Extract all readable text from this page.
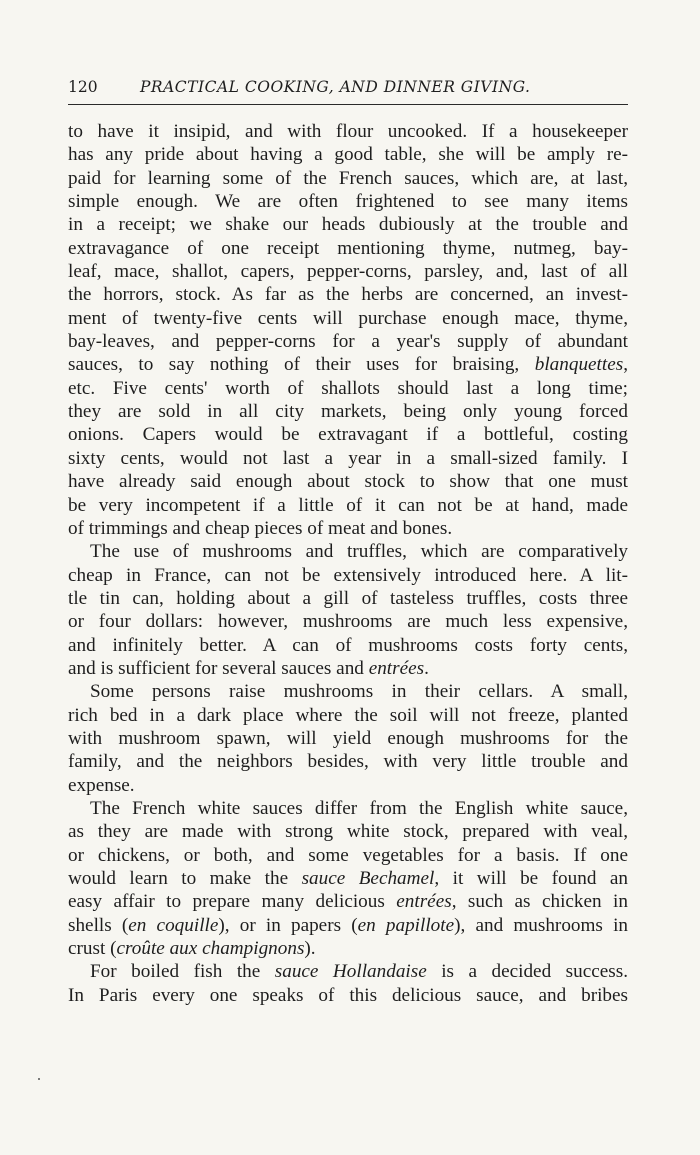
120	PRACTICAL COOKING, AND DINNER GIVING.
to have it insipid, and with flour uncooked. If a housekeeper
has any pride about having a good table, she will be amply re-
paid for learning some of the French sauces, which are, at last,
simple enough. We are often frightened to see many items
in a receipt; we shake our heads dubiously at the trouble and
extravagance of one receipt mentioning thyme, nutmeg, bay-
leaf, mace, shallot, capers, pepper-corns, parsley, and, last of all
the horrors, stock. As far as the herbs are concerned, an invest-
ment of twenty-five cents will purchase enough mace, thyme,
bay-leaves, and pepper-corns for a year's supply of abundant
sauces, to say nothing of their uses for braising, blanquettes,
etc. Five cents' worth of shallots should last a long time;
they are sold in all city markets, being only young forced
onions. Capers would be extravagant if a bottleful, costing
sixty cents, would not last a year in a small-sized family. I
have already said enough about stock to show that one must
be very incompetent if a little of it can not be at hand, made
of trimmings and cheap pieces of meat and bones.
The use of mushrooms and truffles, which are comparatively
cheap in France, can not be extensively introduced here. A lit-
tle tin can, holding about a gill of tasteless truffles, costs three
or four dollars: however, mushrooms are much less expensive,
and infinitely better. A can of mushrooms costs forty cents,
and is sufficient for several sauces and entrées.
Some persons raise mushrooms in their cellars. A small,
rich bed in a dark place where the soil will not freeze, planted
with mushroom spawn, will yield enough mushrooms for the
family, and the neighbors besides, with very little trouble and
expense.
The French white sauces differ from the English white sauce,
as they are made with strong white stock, prepared with veal,
or chickens, or both, and some vegetables for a basis. If one
would learn to make the sauce Bechamel, it will be found an
easy affair to prepare many delicious entrées, such as chicken in
shells (en coquille), or in papers (en papillote), and mushrooms in
crust (croûte aux champignons).
For boiled fish the sauce Hollandaise is a decided success.
In Paris every one speaks of this delicious sauce, and bribes
